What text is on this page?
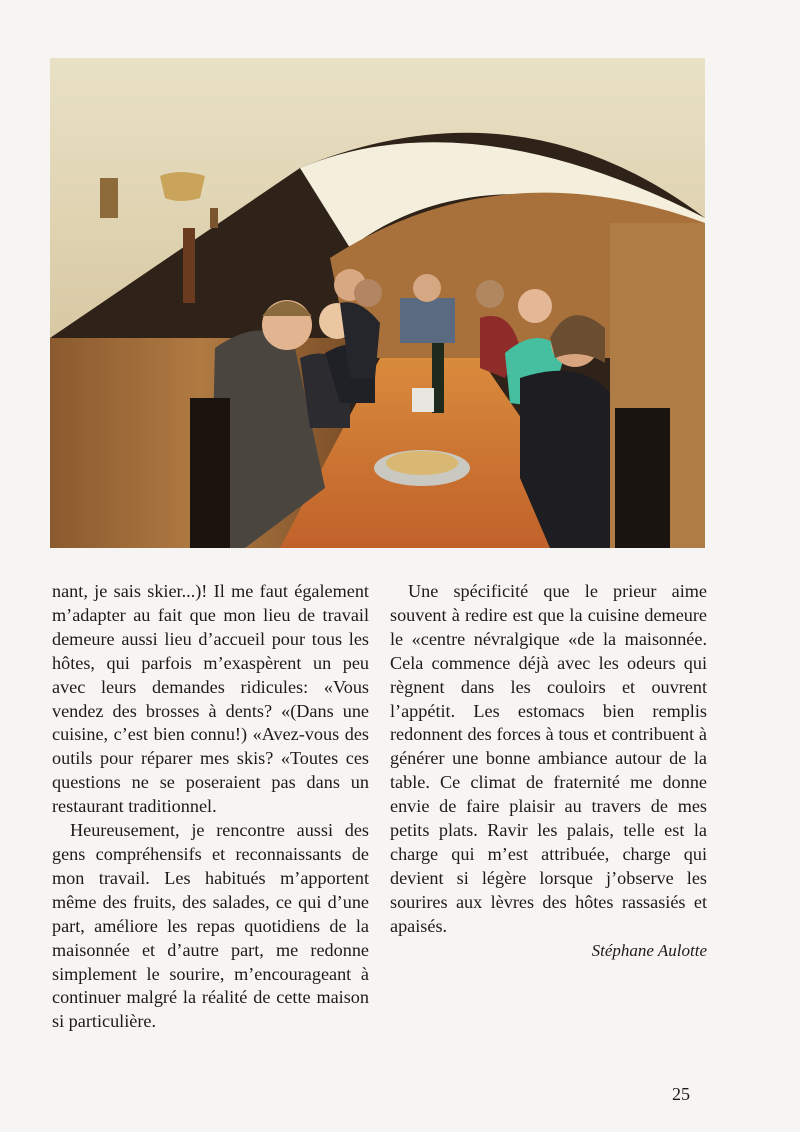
nant, je sais skier...)! Il me faut également m’adapter au fait que mon lieu de travail demeure aussi lieu d’accueil pour tous les hôtes, qui parfois m’exaspèrent un peu avec leurs demandes ridicules: «Vous vendez des brosses à dents? «(Dans une cuisine, c’est bien connu!) «Avez-vous des outils pour réparer mes skis? «Toutes ces questions ne se poseraient pas dans un restaurant traditionnel.

Heureusement, je rencontre aussi des gens compréhensifs et reconnaissants de mon travail. Les habitués m’apportent même des fruits, des salades, ce qui d’une part, améliore les repas quotidiens de la maisonnée et d’autre part, me redonne simplement le sourire, m’encourageant à continuer malgré la réalité de cette maison si particulière.

Une spécificité que le prieur aime souvent à redire est que la cuisine demeure le «centre névralgique «de la maisonnée. Cela commence déjà avec les odeurs qui règnent dans les couloirs et ouvrent l’appétit. Les estomacs bien remplis redonnent des forces à tous et contribuent à générer une bonne ambiance autour de la table. Ce climat de fraternité me donne envie de faire plaisir au travers de mes petits plats. Ravir les palais, telle est la charge qui m’est attribuée, charge qui devient si légère lorsque j’observe les sourires aux lèvres des hôtes rassasiés et apaisés.

Stéphane Aulotte

25
